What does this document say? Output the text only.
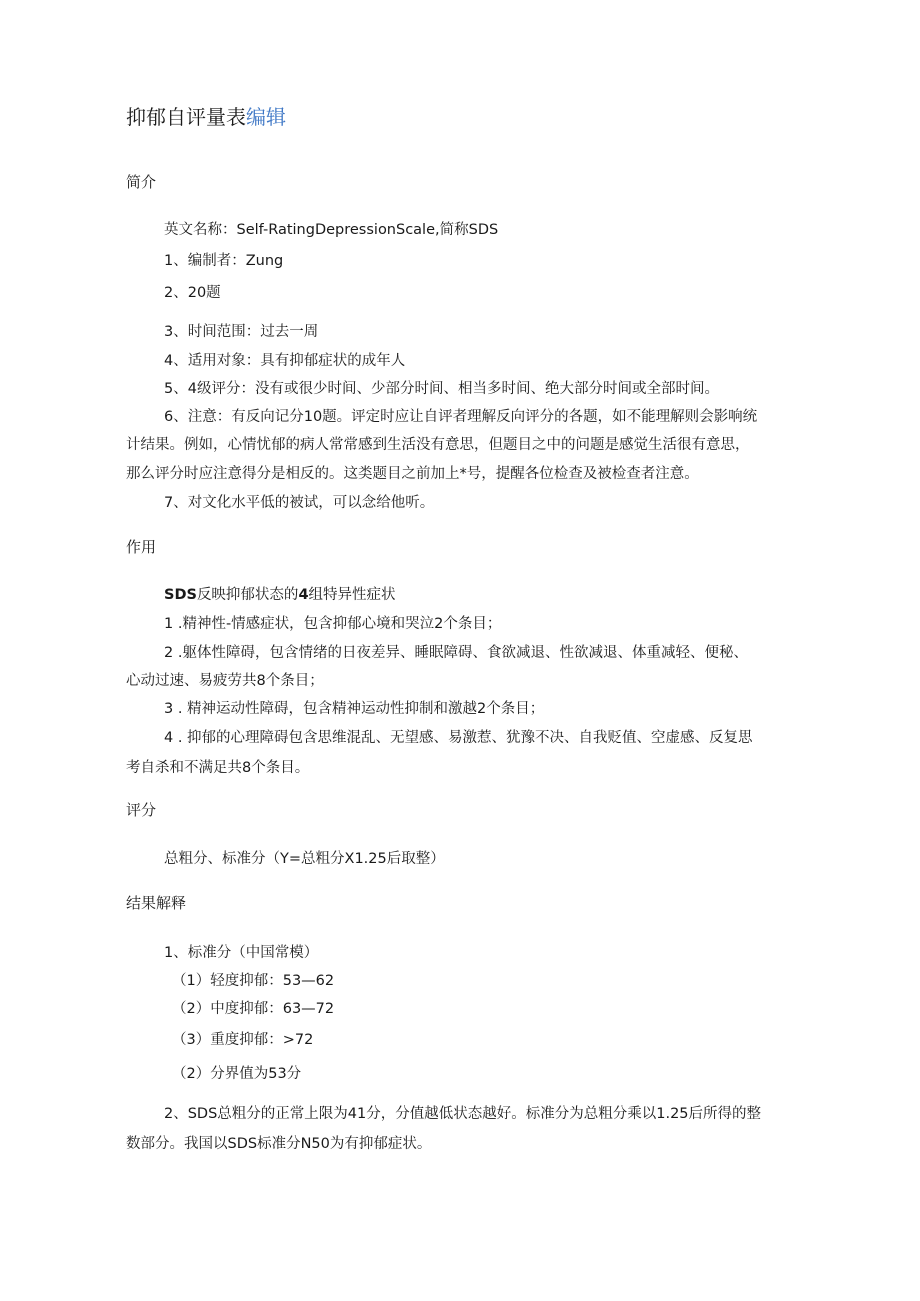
抑郁自评量表编辑
简介
英文名称：Self-RatingDepressionScale,简称SDS
1、编制者：Zung
2、20题
3、时间范围：过去一周
4、适用对象：具有抑郁症状的成年人
5、4级评分：没有或很少时间、少部分时间、相当多时间、绝大部分时间或全部时间。
6、注意：有反向记分10题。评定时应让自评者理解反向评分的各题，如不能理解则会影响统
计结果。例如，心情忧郁的病人常常感到生活没有意思，但题目之中的问题是感觉生活很有意思，
那么评分时应注意得分是相反的。这类题目之前加上*号，提醒各位检查及被检查者注意。
7、对文化水平低的被试，可以念给他听。
作用
SDS反映抑郁状态的4组特异性症状
1 .精神性-情感症状，包含抑郁心境和哭泣2个条目；
2 .躯体性障碍，包含情绪的日夜差异、睡眠障碍、食欲减退、性欲减退、体重减轻、便秘、
心动过速、易疲劳共8个条目；
3 . 精神运动性障碍，包含精神运动性抑制和激越2个条目；
4 . 抑郁的心理障碍包含思维混乱、无望感、易激惹、犹豫不决、自我贬值、空虚感、反复思
考自杀和不满足共8个条目。
评分
总粗分、标准分（Y=总粗分X1.25后取整）
结果解释
1、标准分（中国常模）
（1）轻度抑郁：53—62
（2）中度抑郁：63—72
（3）重度抑郁：>72
（2）分界值为53分
2、SDS总粗分的正常上限为41分，分值越低状态越好。标准分为总粗分乘以1.25后所得的整
数部分。我国以SDS标准分N50为有抑郁症状。
